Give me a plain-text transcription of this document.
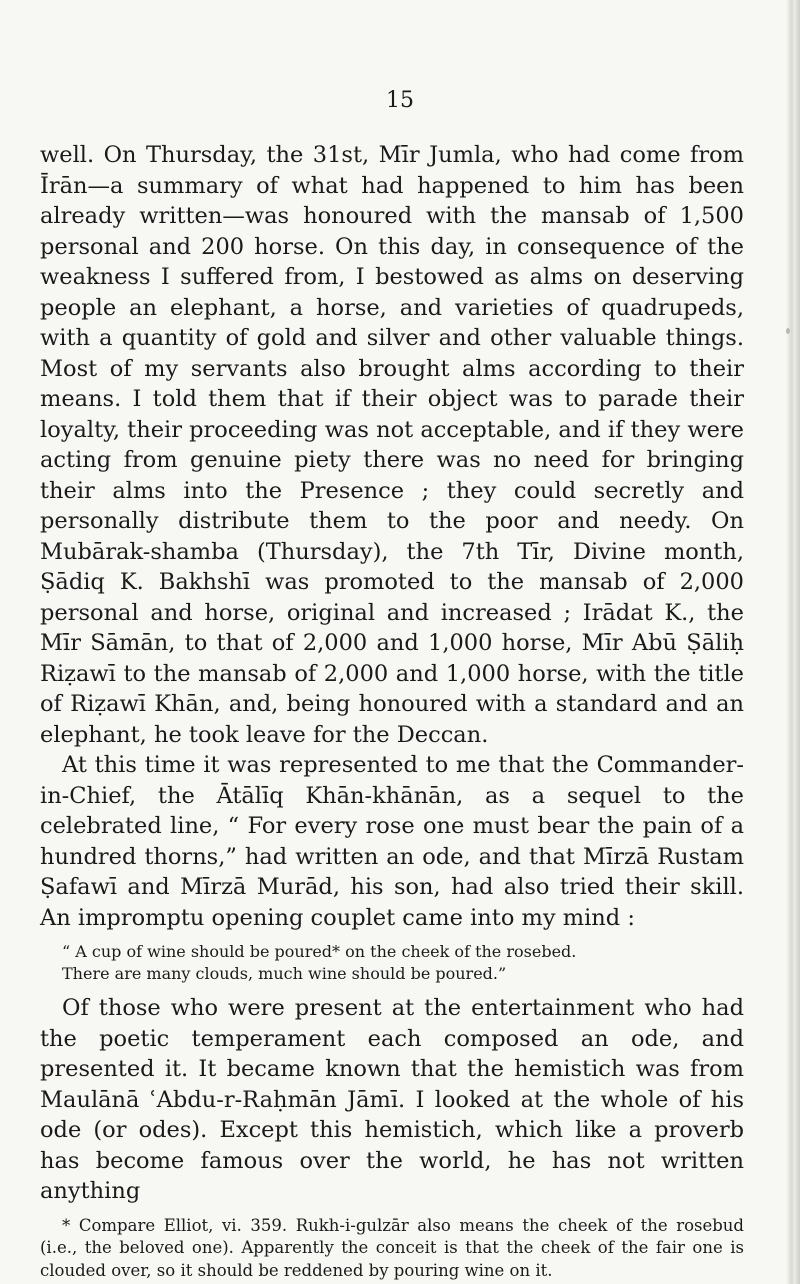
15

well. On Thursday, the 31st, Mīr Jumla, who had come from Īrān—a summary of what had happened to him has been already written—was honoured with the mansab of 1,500 personal and 200 horse. On this day, in consequence of the weakness I suffered from, I bestowed as alms on deserving people an elephant, a horse, and varieties of quadrupeds, with a quantity of gold and silver and other valuable things. Most of my servants also brought alms according to their means. I told them that if their object was to parade their loyalty, their proceeding was not acceptable, and if they were acting from genuine piety there was no need for bringing their alms into the Presence ; they could secretly and personally distribute them to the poor and needy. On Mubārak-shamba (Thursday), the 7th Tīr, Divine month, Ṣādiq K. Bakhshī was promoted to the mansab of 2,000 personal and horse, original and increased ; Irādat K., the Mīr Sāmān, to that of 2,000 and 1,000 horse, Mīr Abū Ṣāliḥ Riẓawī to the mansab of 2,000 and 1,000 horse, with the title of Riẓawī Khān, and, being honoured with a standard and an elephant, he took leave for the Deccan.

At this time it was represented to me that the Commander-in-Chief, the Ātālīq Khān-khānān, as a sequel to the celebrated line, “ For every rose one must bear the pain of a hundred thorns,” had written an ode, and that Mīrzā Rustam Ṣafawī and Mīrzā Murād, his son, had also tried their skill. An impromptu opening couplet came into my mind :

“ A cup of wine should be poured* on the cheek of the rosebed.
There are many clouds, much wine should be poured.”

Of those who were present at the entertainment who had the poetic temperament each composed an ode, and presented it. It became known that the hemistich was from Maulānā ʿAbdu-r-Raḥmān Jāmī. I looked at the whole of his ode (or odes). Except this hemistich, which like a proverb has become famous over the world, he has not written anything

* Compare Elliot, vi. 359. Rukh-i-gulzār also means the cheek of the rosebud (i.e., the beloved one). Apparently the conceit is that the cheek of the fair one is clouded over, so it should be reddened by pouring wine on it.
